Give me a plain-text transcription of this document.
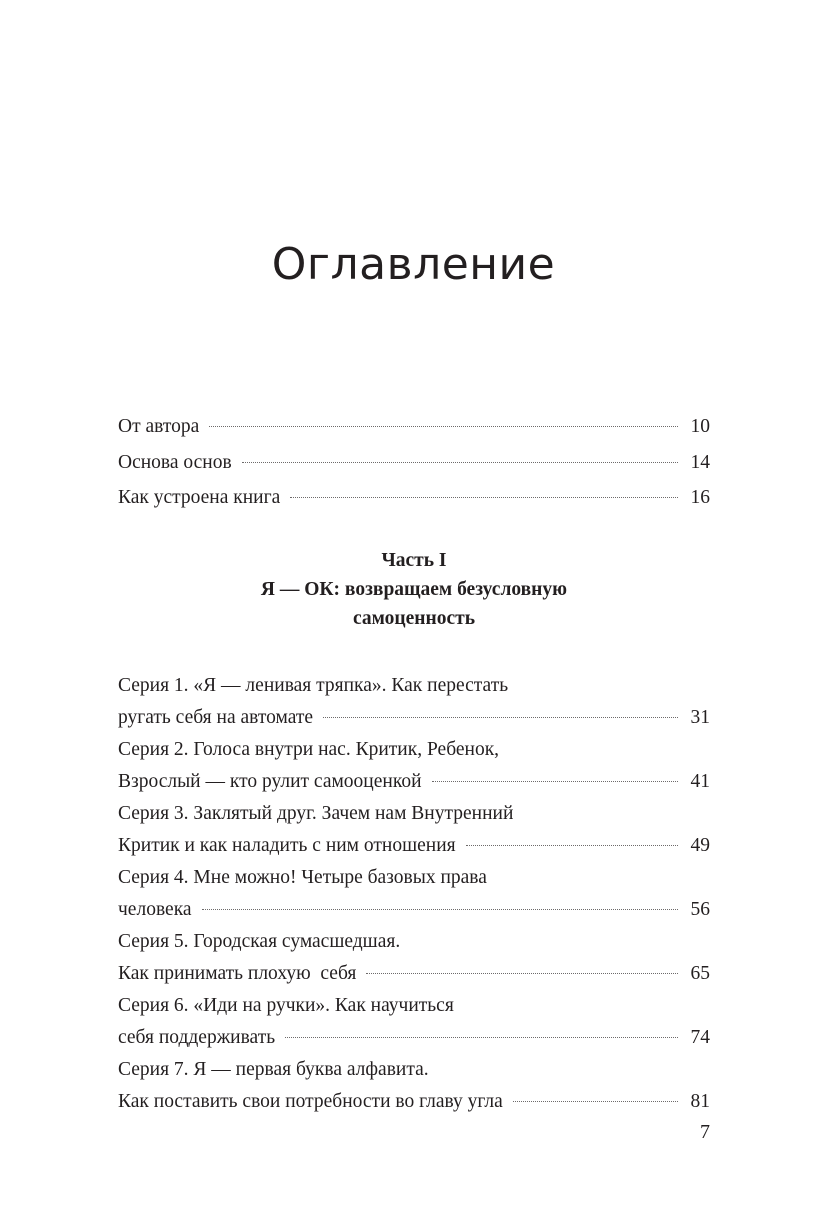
Оглавление
От автора	10
Основа основ	14
Как устроена книга	16
Часть I
Я — ОК: возвращаем безусловную
самоценность
Серия 1. «Я — ленивая тряпка». Как перестать
ругать себя на автомате	31
Серия 2. Голоса внутри нас. Критик, Ребенок,
Взрослый — кто рулит самооценкой	41
Серия 3. Заклятый друг. Зачем нам Внутренний
Критик и как наладить с ним отношения	49
Серия 4. Мне можно! Четыре базовых права
человека	56
Серия 5. Городская сумасшедшая.
Как принимать плохую  себя	65
Серия 6. «Иди на ручки». Как научиться
себя поддерживать	74
Серия 7. Я — первая буква алфавита.
Как поставить свои потребности во главу угла	81
7
